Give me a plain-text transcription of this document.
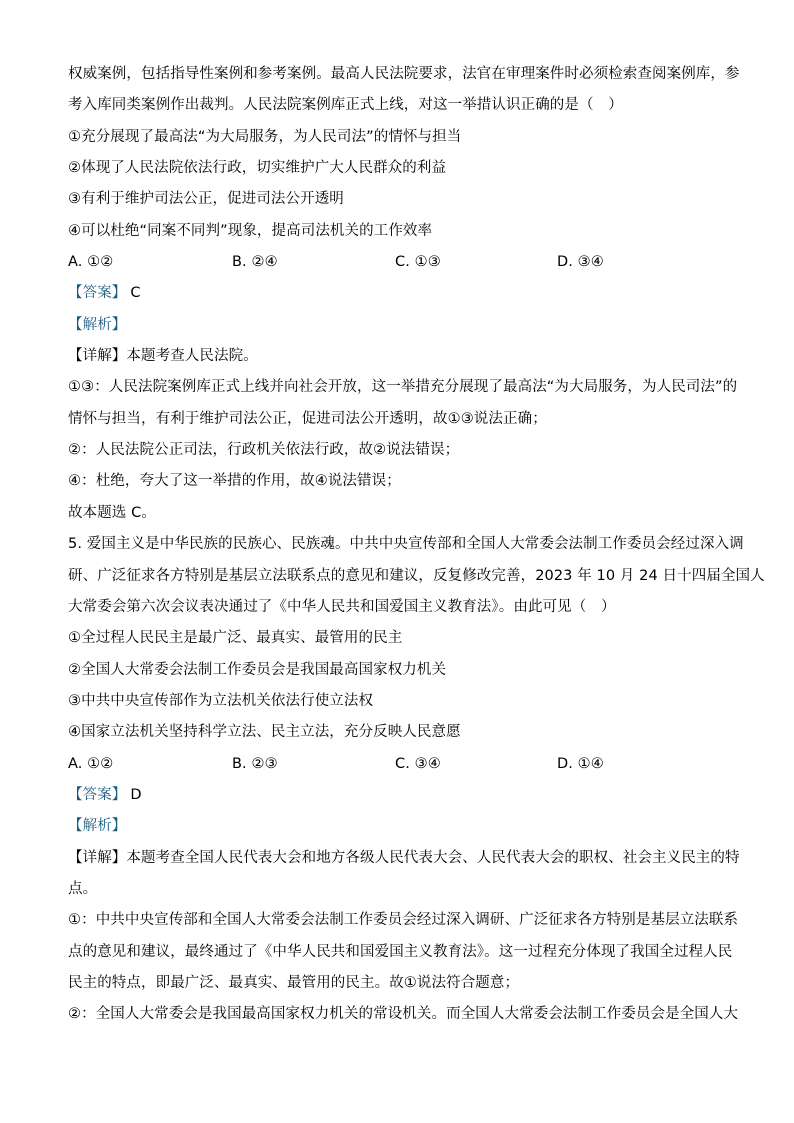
权威案例，包括指导性案例和参考案例。最高人民法院要求，法官在审理案件时必须检索查阅案例库，参
考入库同类案例作出裁判。人民法院案例库正式上线，对这一举措认识正确的是（　）
①充分展现了最高法“为大局服务，为人民司法”的情怀与担当
②体现了人民法院依法行政，切实维护广大人民群众的利益
③有利于维护司法公正，促进司法公开透明
④可以杜绝“同案不同判”现象，提高司法机关的工作效率
A. ①②	B. ②④	C. ①③	D. ③④
【答案】 C
【解析】
【详解】本题考查人民法院。
①③：人民法院案例库正式上线并向社会开放，这一举措充分展现了最高法“为大局服务，为人民司法”的
情怀与担当，有利于维护司法公正，促进司法公开透明，故①③说法正确；
②：人民法院公正司法，行政机关依法行政，故②说法错误；
④：杜绝，夸大了这一举措的作用，故④说法错误；
故本题选 C。
5. 爱国主义是中华民族的民族心、民族魂。中共中央宣传部和全国人大常委会法制工作委员会经过深入调
研、广泛征求各方特别是基层立法联系点的意见和建议，反复修改完善，2023 年 10 月 24 日十四届全国人
大常委会第六次会议表决通过了《中华人民共和国爱国主义教育法》。由此可见（　）
①全过程人民民主是最广泛、最真实、最管用的民主
②全国人大常委会法制工作委员会是我国最高国家权力机关
③中共中央宣传部作为立法机关依法行使立法权
④国家立法机关坚持科学立法、民主立法，充分反映人民意愿
A. ①②	B. ②③	C. ③④	D. ①④
【答案】 D
【解析】
【详解】本题考查全国人民代表大会和地方各级人民代表大会、人民代表大会的职权、社会主义民主的特
点。
①：中共中央宣传部和全国人大常委会法制工作委员会经过深入调研、广泛征求各方特别是基层立法联系
点的意见和建议，最终通过了《中华人民共和国爱国主义教育法》。这一过程充分体现了我国全过程人民
民主的特点，即最广泛、最真实、最管用的民主。故①说法符合题意；
②：全国人大常委会是我国最高国家权力机关的常设机关。而全国人大常委会法制工作委员会是全国人大
